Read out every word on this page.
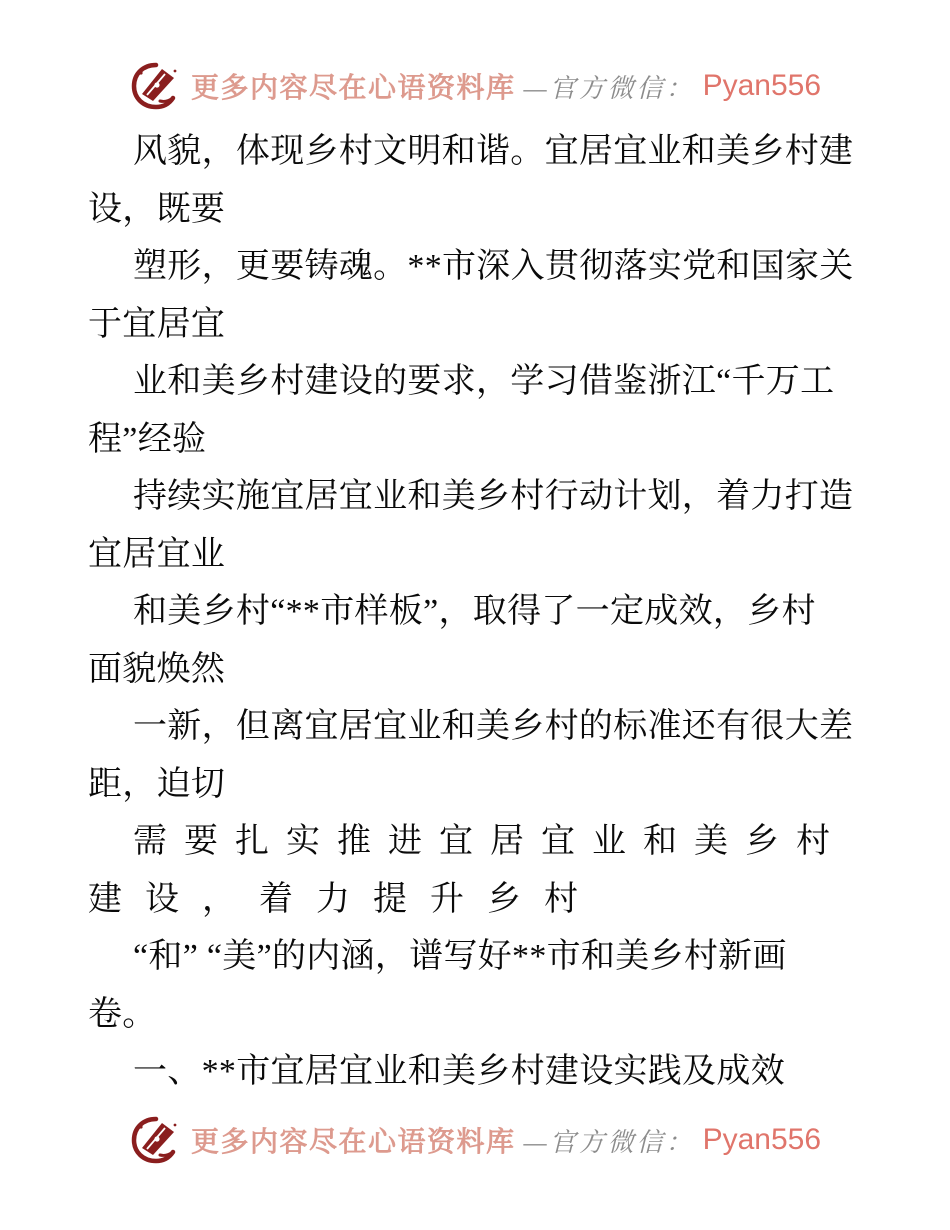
更多内容尽在心语资料库 —官方微信： Pyan556
风貌，体现乡村文明和谐。宜居宜业和美乡村建
设，既要
塑形，更要铸魂。**市深入贯彻落实党和国家关
于宜居宜
业和美乡村建设的要求，学习借鉴浙江“千万工
程”经验
持续实施宜居宜业和美乡村行动计划，着力打造
宜居宜业
和美乡村“**市样板”，取得了一定成效，乡村
面貌焕然
一新，但离宜居宜业和美乡村的标准还有很大差
距，迫切
需要扎实推进宜居宜业和美乡村
建设，着力提升乡村
“和” “美”的内涵，谱写好**市和美乡村新画
卷。
一、**市宜居宜业和美乡村建设实践及成效
更多内容尽在心语资料库 —官方微信： Pyan556
